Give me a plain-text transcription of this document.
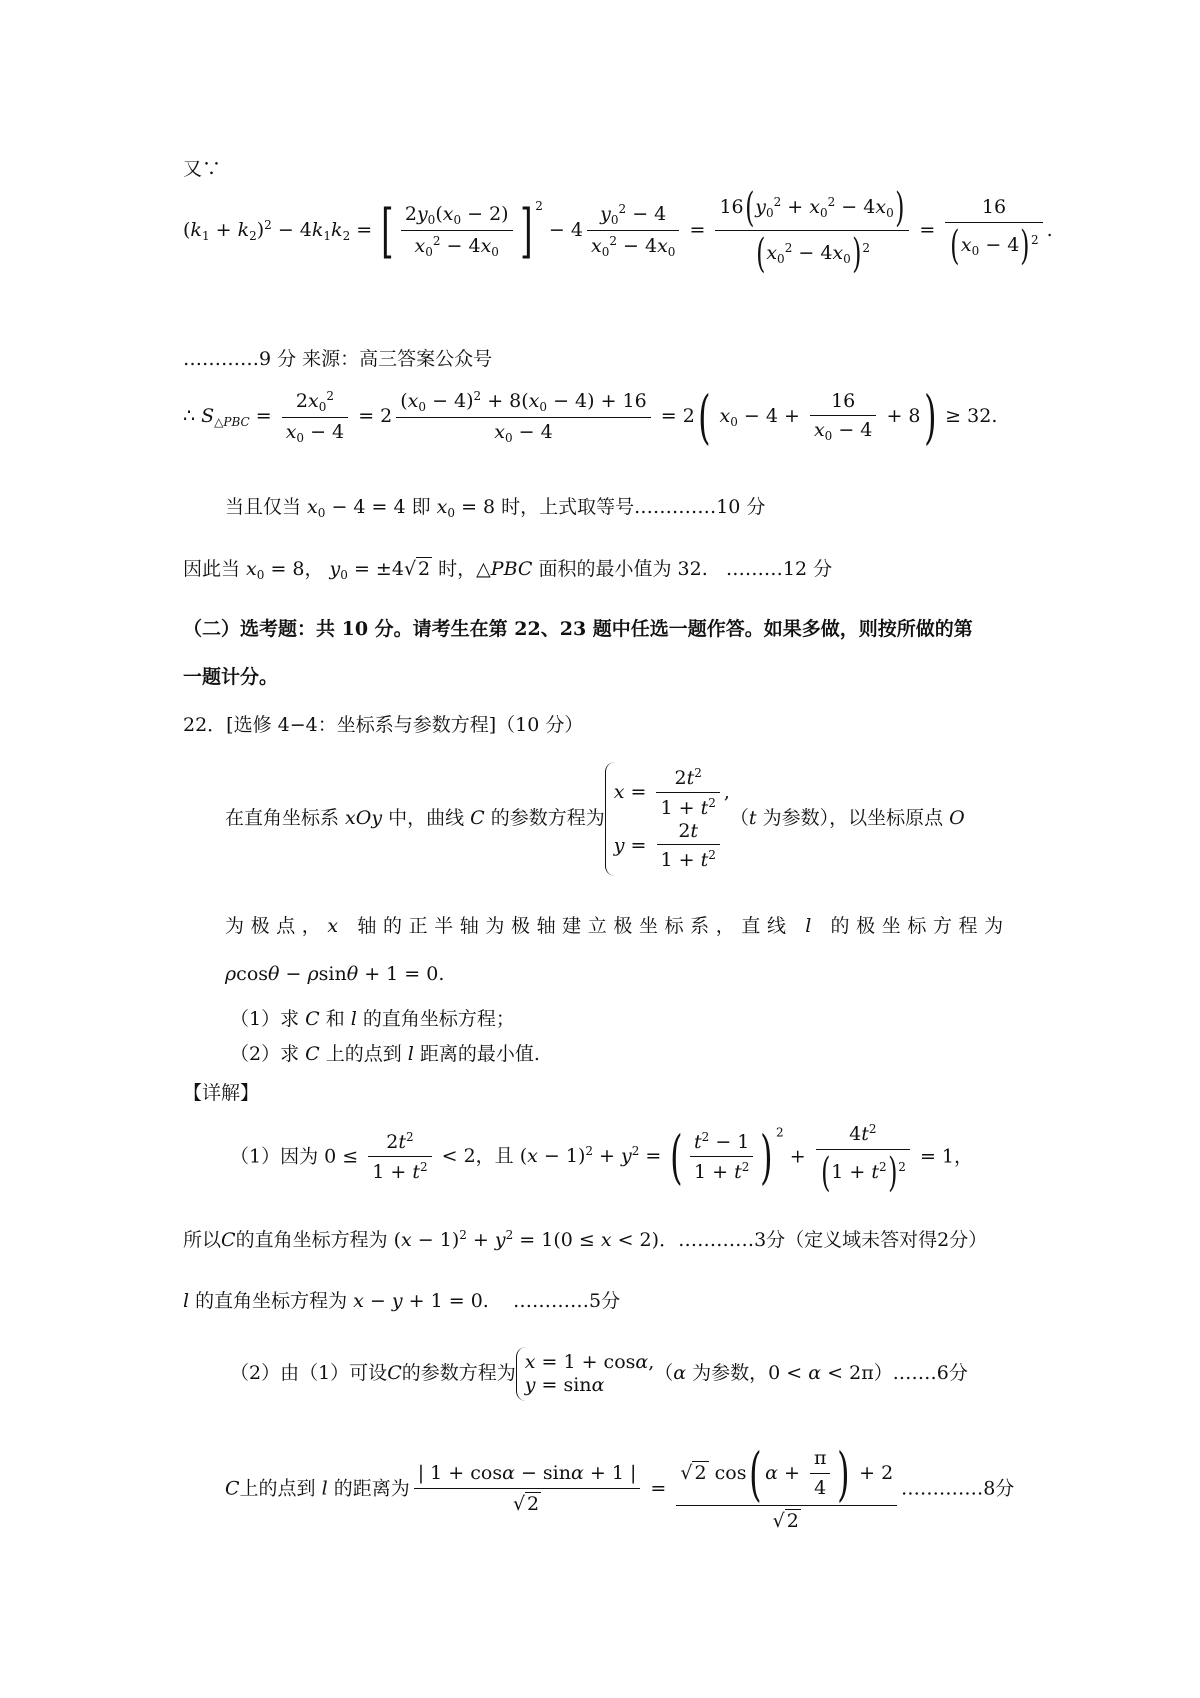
又∵
$(k_1 + k_2)^2 - 4k_1k_2$ = [ $\frac{2y_0(x_0 - 2)}{x_0^2 - 4x_0}$ ] $^2 - 4 \frac{y_0^2 - 4}{x_0^2 - 4x_0} = \frac{16(y_0^2 + x_0^2 - 4x_0)}{(x_0^2 - 4x_0)^2} = \frac{16}{(x_0 - 4)^2}$ .
…………9 分 来源：高三答案公众号
∴ $S_{\triangle PBC} = \frac{2x_0^2}{x_0 - 4} = 2 \frac{(x_0 - 4)^2 + 8(x_0 - 4) + 16}{x_0 - 4} = 2$( $x_0 - 4 + \frac{16}{x_0 - 4} + 8) \ge 32$.
当且仅当 $x_0 - 4 = 4$ 即 $x_0 = 8$ 时，上式取等号.…………10 分
因此当 $x_0 = 8$， $y_0 = \pm 4√$ 2 时，△PBC 面积的最小值为 32.   ………12 分
（二）选考题：共 10 分。请考生在第 22、23 题中任选一题作答。如果多做，则按所做的第
一题计分。
22．[选修 4−4：坐标系与参数方程]（10 分）
在直角坐标系 xOy 中，曲线 C 的参数方程为
$x = \frac{2t^2}{1 + t^2}$ ,
$y = \frac{2t}{1 + t^2}$
（t 为参数），以坐标原点 O
为极点，x 轴的正半轴为极轴建立极坐标系，直线 l 的极坐标方程为
ρcosθ − ρsinθ + 1 = 0.
（1）求 C 和 l 的直角坐标方程；
（2）求 C 上的点到 l 距离的最小值.
【详解】
（1）因为 $0 \le \frac{2t^2}{1 + t^2} < 2$，且 $(x - 1)^2 + y^2$ = ( $\frac{t^2 - 1}{1 + t^2}$ ) $^2 + \frac{4t^2}{(1 + t^2)^2} = 1$，
所以C的直角坐标方程为 $(x - 1)^2 + y^2 = 1(0 \le x < 2)$．…………3分（定义域未答对得2分）
l 的直角坐标方程为 x − y + 1 = 0.    …………5分
（2）由（1）可设C的参数方程为 x = 1 + cosα,
y = sinα
（α 为参数，0 < α < 2π）.……6分
C上的点到 l 的距离为 $\frac{| 1 + \cos\alpha - \sin\alpha + 1 |}{√ 2} = \frac{√ 2 \cos( \alpha + \frac{\pi}{4} ) + 2}{√ 2}$ .…………8分
